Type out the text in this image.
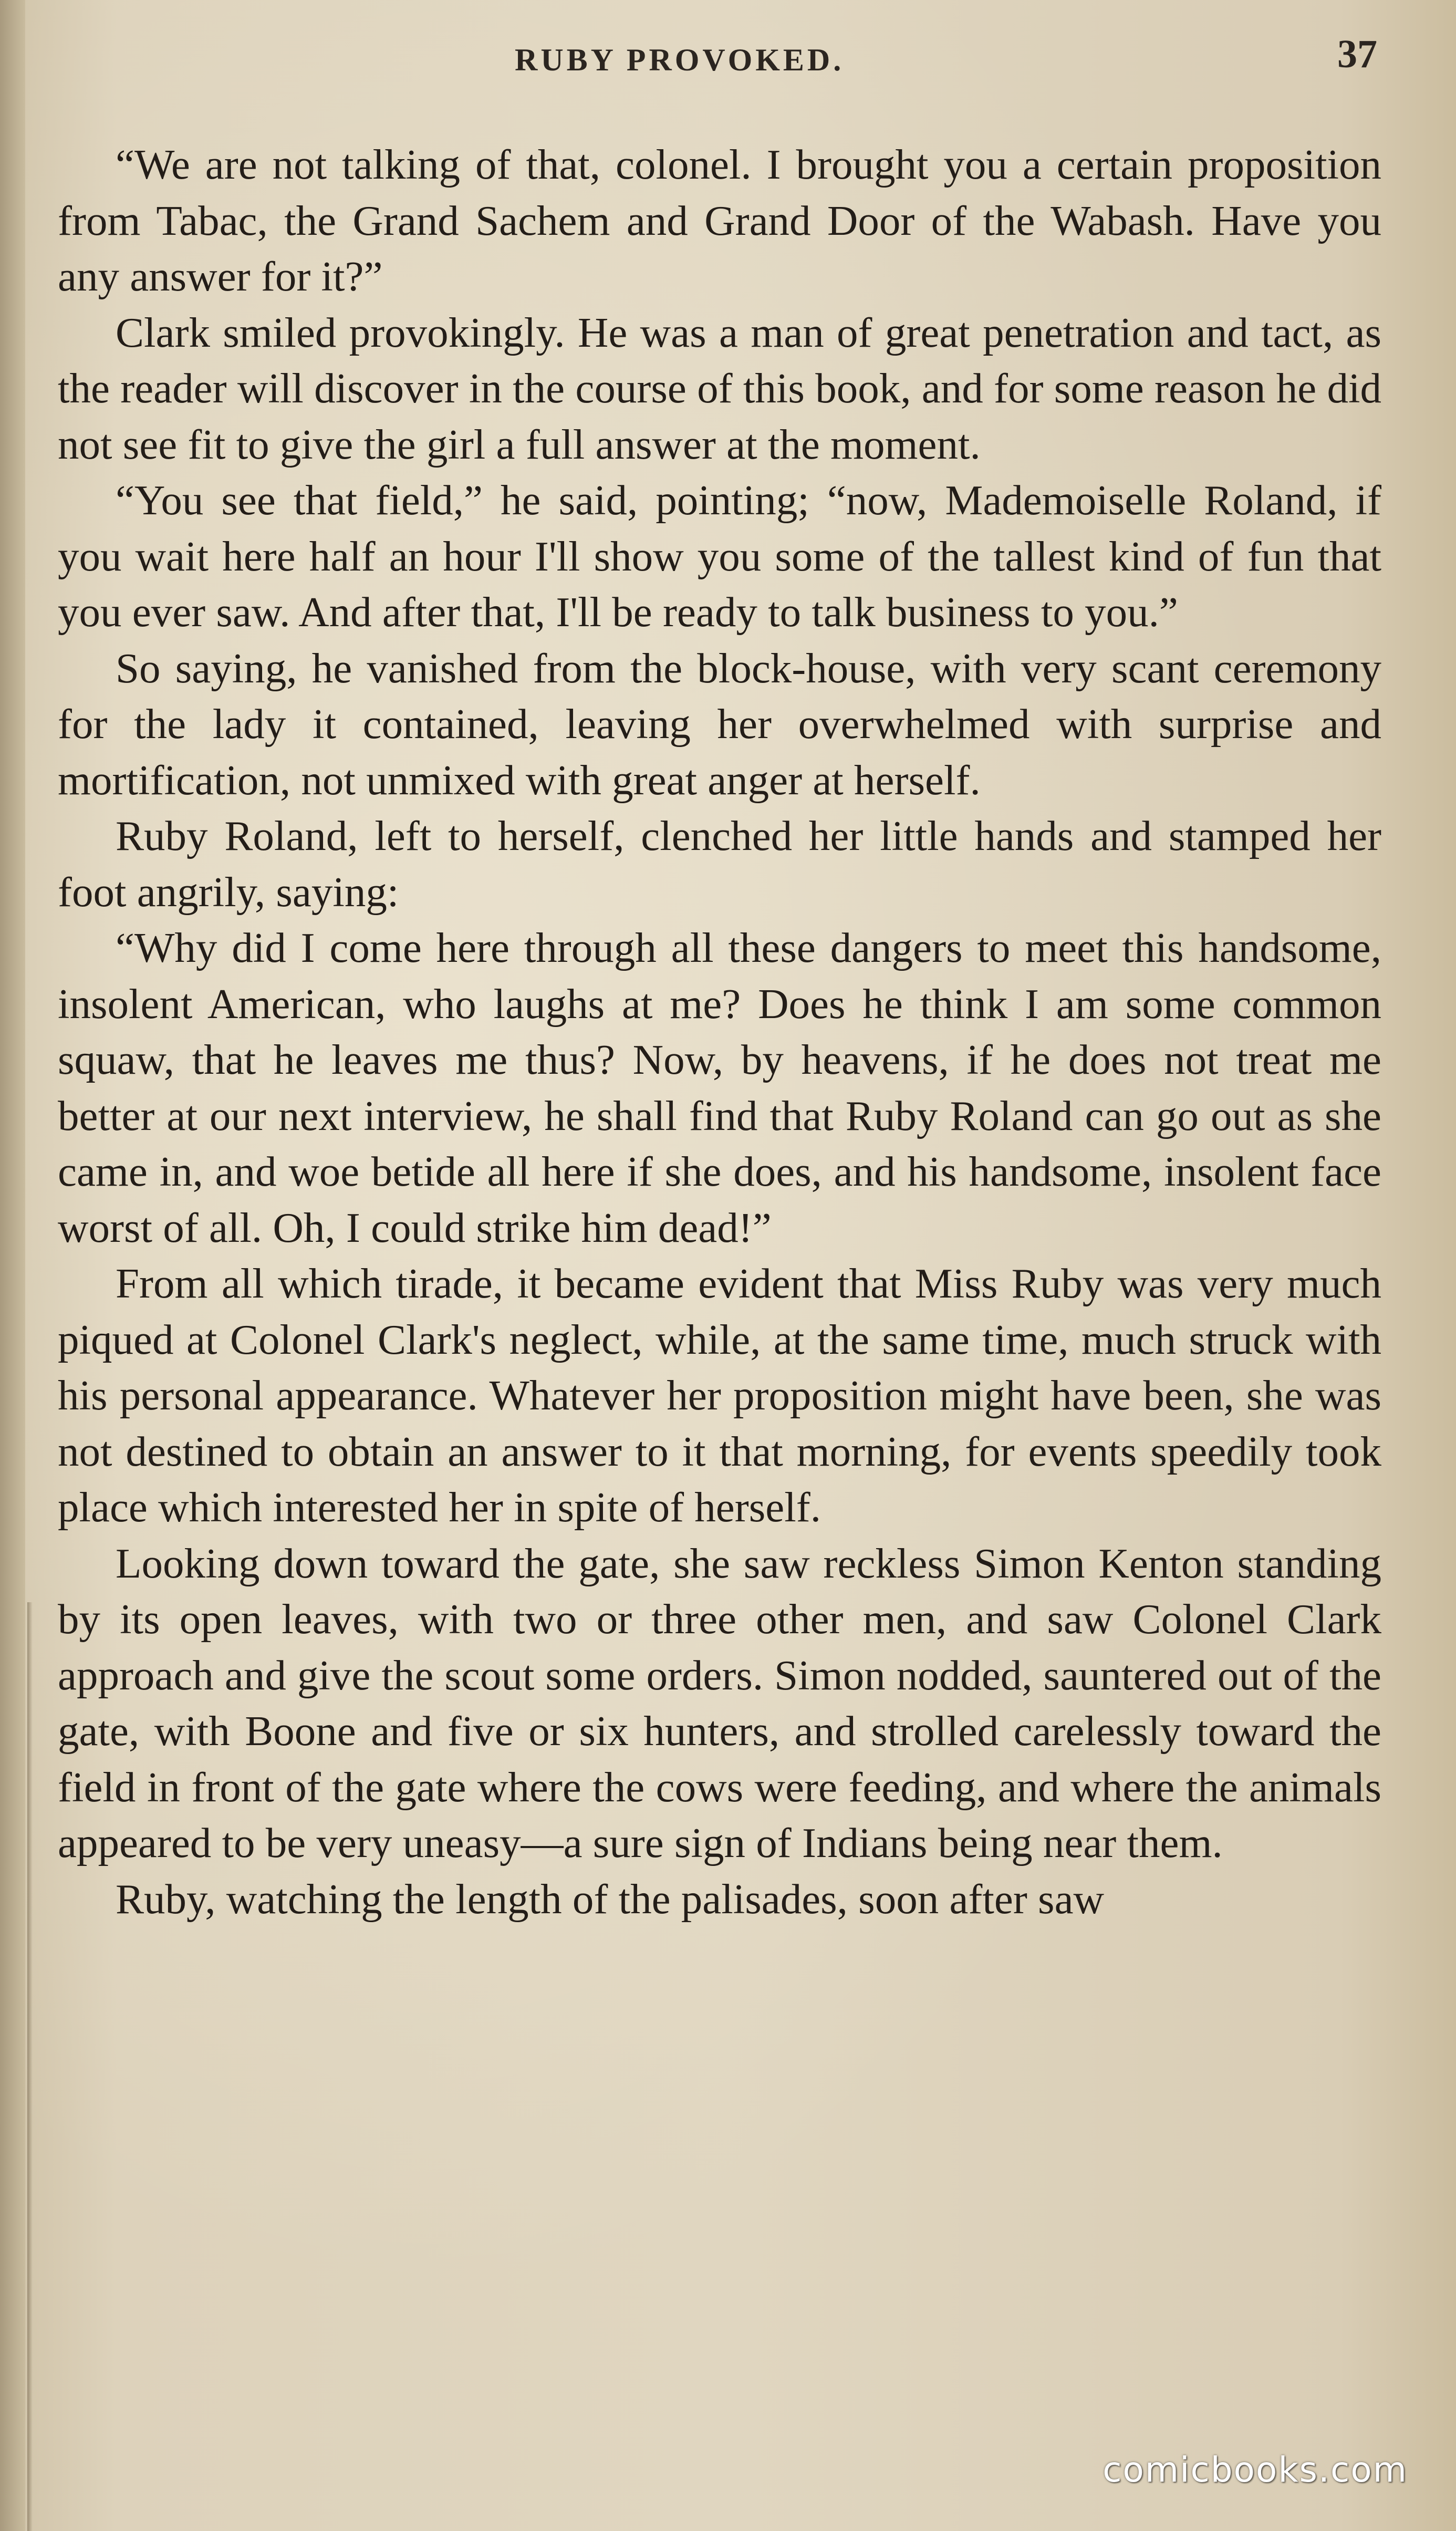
RUBY PROVOKED.	37

“We are not talking of that, colonel. I brought you a certain proposition from Tabac, the Grand Sachem and Grand Door of the Wabash. Have you any answer for it?”

Clark smiled provokingly. He was a man of great penetration and tact, as the reader will discover in the course of this book, and for some reason he did not see fit to give the girl a full answer at the moment.

“You see that field,” he said, pointing; “now, Mademoiselle Roland, if you wait here half an hour I'll show you some of the tallest kind of fun that you ever saw. And after that, I'll be ready to talk business to you.”

So saying, he vanished from the block-house, with very scant ceremony for the lady it contained, leaving her overwhelmed with surprise and mortification, not unmixed with great anger at herself.

Ruby Roland, left to herself, clenched her little hands and stamped her foot angrily, saying:

“Why did I come here through all these dangers to meet this handsome, insolent American, who laughs at me? Does he think I am some common squaw, that he leaves me thus? Now, by heavens, if he does not treat me better at our next interview, he shall find that Ruby Roland can go out as she came in, and woe betide all here if she does, and his handsome, insolent face worst of all. Oh, I could strike him dead!”

From all which tirade, it became evident that Miss Ruby was very much piqued at Colonel Clark's neglect, while, at the same time, much struck with his personal appearance. Whatever her proposition might have been, she was not destined to obtain an answer to it that morning, for events speedily took place which interested her in spite of herself.

Looking down toward the gate, she saw reckless Simon Kenton standing by its open leaves, with two or three other men, and saw Colonel Clark approach and give the scout some orders. Simon nodded, sauntered out of the gate, with Boone and five or six hunters, and strolled carelessly toward the field in front of the gate where the cows were feeding, and where the animals appeared to be very uneasy—a sure sign of Indians being near them.

Ruby, watching the length of the palisades, soon after saw

comicbooks.com
